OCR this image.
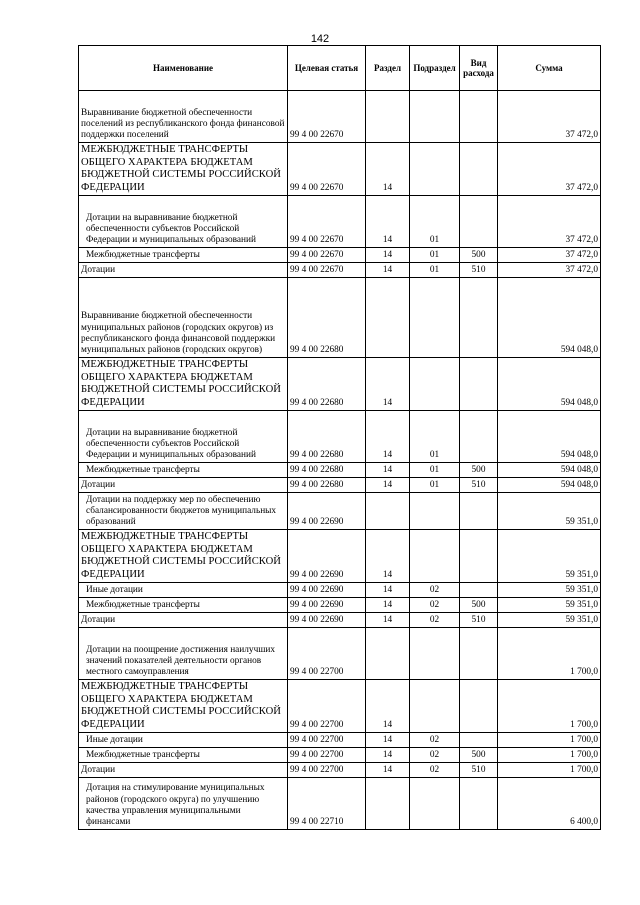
142
Наименование	Целевая статья	Раздел	Подраздел	Вид расхода	Сумма
Выравнивание бюджетной обеспеченности поселений из республиканского фонда финансовой поддержки поселений	99 4 00 22670				37 472,0
МЕЖБЮДЖЕТНЫЕ ТРАНСФЕРТЫ ОБЩЕГО ХАРАКТЕРА БЮДЖЕТАМ БЮДЖЕТНОЙ СИСТЕМЫ РОССИЙСКОЙ ФЕДЕРАЦИИ	99 4 00 22670	14			37 472,0
Дотации на выравнивание бюджетной обеспеченности субъектов Российской Федерации и муниципальных образований	99 4 00 22670	14	01		37 472,0
Межбюджетные трансферты	99 4 00 22670	14	01	500	37 472,0
Дотации	99 4 00 22670	14	01	510	37 472,0
Выравнивание бюджетной обеспеченности муниципальных районов (городских округов) из республиканского фонда финансовой поддержки муниципальных районов (городских округов)	99 4 00 22680				594 048,0
МЕЖБЮДЖЕТНЫЕ ТРАНСФЕРТЫ ОБЩЕГО ХАРАКТЕРА БЮДЖЕТАМ БЮДЖЕТНОЙ СИСТЕМЫ РОССИЙСКОЙ ФЕДЕРАЦИИ	99 4 00 22680	14			594 048,0
Дотации на выравнивание бюджетной обеспеченности субъектов Российской Федерации и муниципальных образований	99 4 00 22680	14	01		594 048,0
Межбюджетные трансферты	99 4 00 22680	14	01	500	594 048,0
Дотации	99 4 00 22680	14	01	510	594 048,0
Дотации на поддержку мер по обеспечению сбалансированности бюджетов муниципальных образований	99 4 00 22690				59 351,0
МЕЖБЮДЖЕТНЫЕ ТРАНСФЕРТЫ ОБЩЕГО ХАРАКТЕРА БЮДЖЕТАМ БЮДЖЕТНОЙ СИСТЕМЫ РОССИЙСКОЙ ФЕДЕРАЦИИ	99 4 00 22690	14			59 351,0
Иные дотации	99 4 00 22690	14	02		59 351,0
Межбюджетные трансферты	99 4 00 22690	14	02	500	59 351,0
Дотации	99 4 00 22690	14	02	510	59 351,0
Дотации на поощрение достижения наилучших значений показателей деятельности органов местного самоуправления	99 4 00 22700				1 700,0
МЕЖБЮДЖЕТНЫЕ ТРАНСФЕРТЫ ОБЩЕГО ХАРАКТЕРА БЮДЖЕТАМ БЮДЖЕТНОЙ СИСТЕМЫ РОССИЙСКОЙ ФЕДЕРАЦИИ	99 4 00 22700	14			1 700,0
Иные дотации	99 4 00 22700	14	02		1 700,0
Межбюджетные трансферты	99 4 00 22700	14	02	500	1 700,0
Дотации	99 4 00 22700	14	02	510	1 700,0
Дотация на стимулирование муниципальных районов (городского округа) по улучшению качества управления муниципальными финансами	99 4 00 22710				6 400,0
